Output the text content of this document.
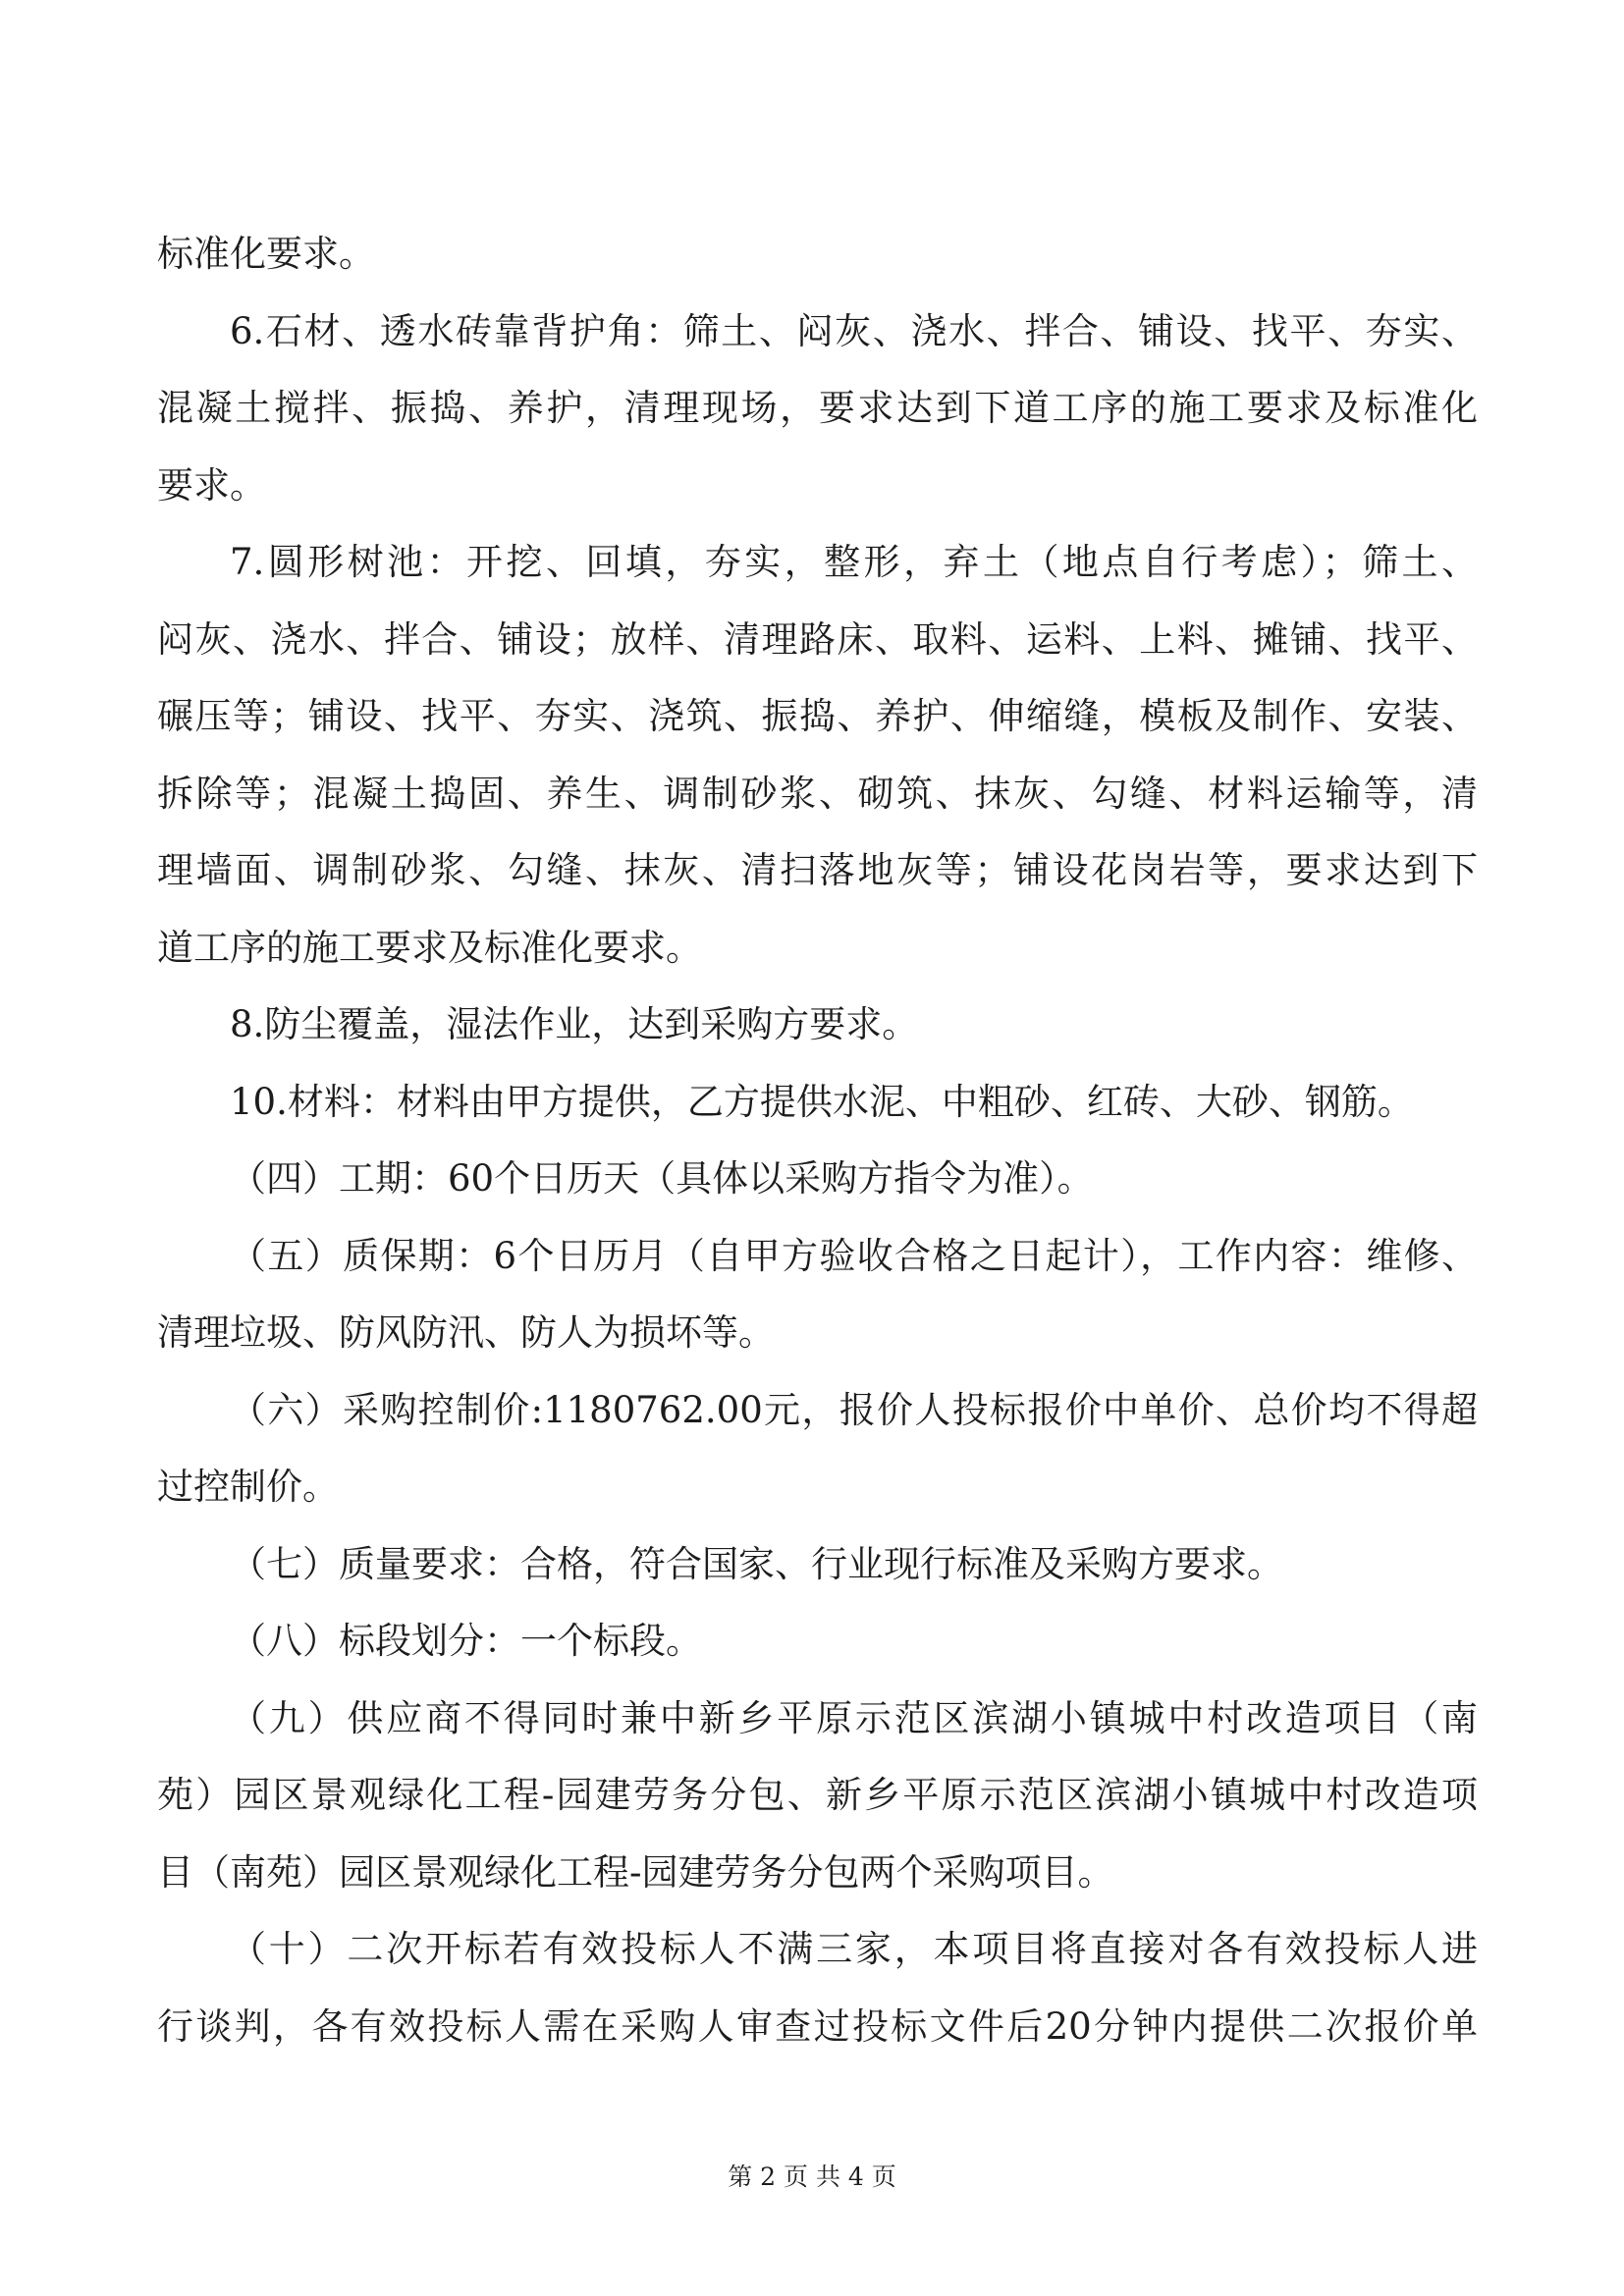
标准化要求。

6.石材、透水砖靠背护角：筛土、闷灰、浇水、拌合、铺设、找平、夯实、

混凝土搅拌、振捣、养护，清理现场，要求达到下道工序的施工要求及标准化

要求。

7.圆形树池：开挖、回填，夯实，整形，弃土（地点自行考虑）；筛土、

闷灰、浇水、拌合、铺设；放样、清理路床、取料、运料、上料、摊铺、找平、

碾压等；铺设、找平、夯实、浇筑、振捣、养护、伸缩缝，模板及制作、安装、

拆除等；混凝土捣固、养生、调制砂浆、砌筑、抹灰、勾缝、材料运输等，清

理墙面、调制砂浆、勾缝、抹灰、清扫落地灰等；铺设花岗岩等，要求达到下

道工序的施工要求及标准化要求。

8.防尘覆盖，湿法作业，达到采购方要求。

10.材料：材料由甲方提供，乙方提供水泥、中粗砂、红砖、大砂、钢筋。

（四）工期：60个日历天（具体以采购方指令为准）。

（五）质保期：6个日历月（自甲方验收合格之日起计），工作内容：维修、

清理垃圾、防风防汛、防人为损坏等。

（六）采购控制价:1180762.00元，报价人投标报价中单价、总价均不得超

过控制价。

（七）质量要求：合格，符合国家、行业现行标准及采购方要求。

（八）标段划分：一个标段。

（九）供应商不得同时兼中新乡平原示范区滨湖小镇城中村改造项目（南

苑）园区景观绿化工程-园建劳务分包、新乡平原示范区滨湖小镇城中村改造项

目（南苑）园区景观绿化工程-园建劳务分包两个采购项目。

（十）二次开标若有效投标人不满三家，本项目将直接对各有效投标人进

行谈判，各有效投标人需在采购人审查过投标文件后20分钟内提供二次报价单

第 2 页 共 4 页
